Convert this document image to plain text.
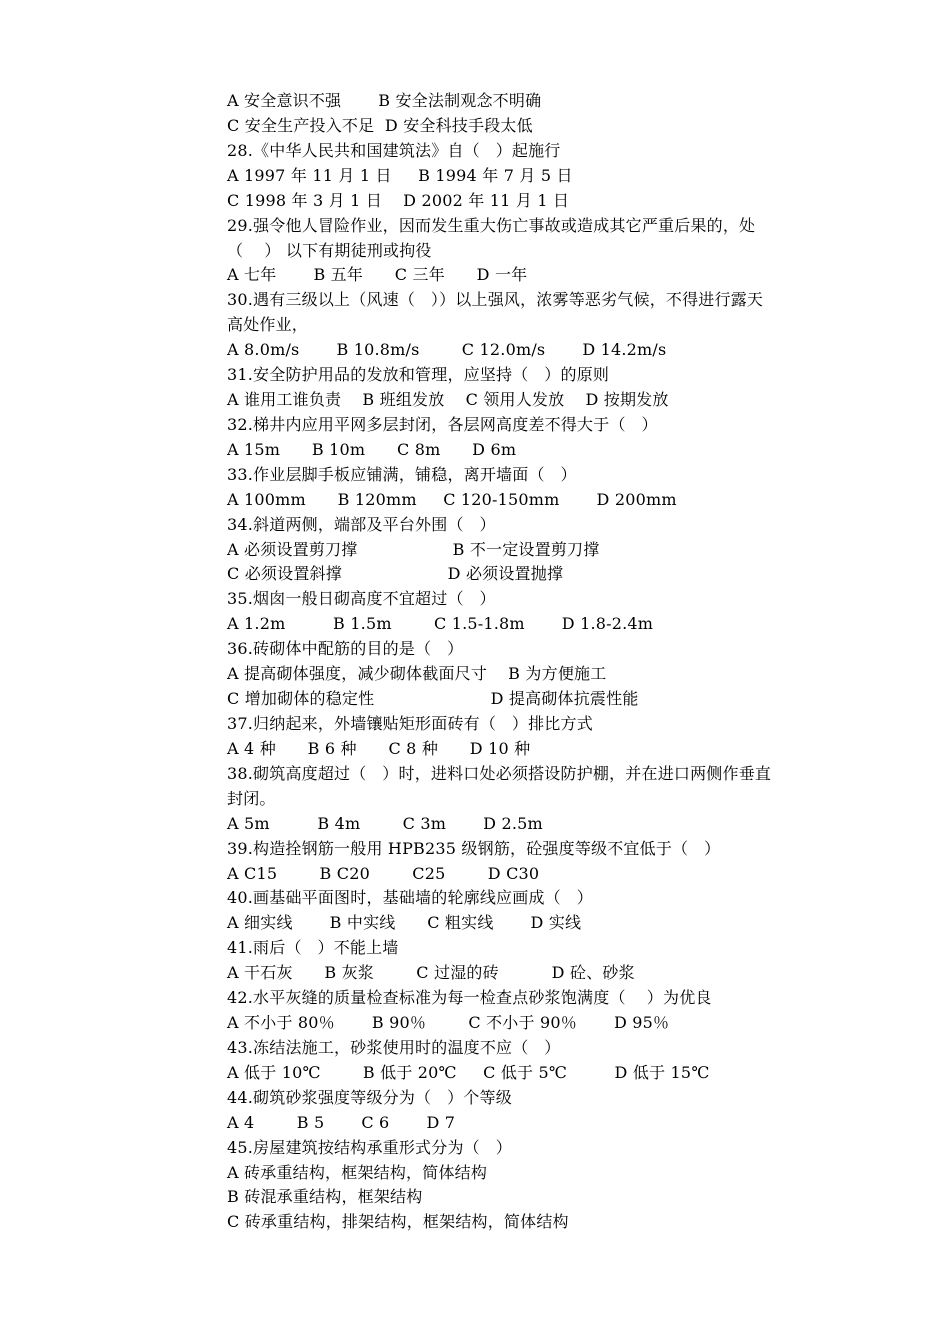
A 安全意识不强       B 安全法制观念不明确
C 安全生产投入不足  D 安全科技手段太低
28.《中华人民共和国建筑法》自（   ）起施行
A 1997 年 11 月 1 日     B 1994 年 7 月 5 日
C 1998 年 3 月 1 日    D 2002 年 11 月 1 日
29.强令他人冒险作业，因而发生重大伤亡事故或造成其它严重后果的，处
（    ） 以下有期徒刑或拘役
A 七年       B 五年      C 三年      D 一年
30.遇有三级以上（风速（   ））以上强风，浓雾等恶劣气候，不得进行露天
高处作业，
A 8.0m/s       B 10.8m/s        C 12.0m/s       D 14.2m/s
31.安全防护用品的发放和管理，应坚持（   ）的原则
A 谁用工谁负责    B 班组发放    C 领用人发放    D 按期发放
32.梯井内应用平网多层封闭，各层网高度差不得大于（   ）
A 15m      B 10m      C 8m      D 6m
33.作业层脚手板应铺满，铺稳，离开墙面（   ）
A 100mm      B 120mm     C 120-150mm       D 200mm
34.斜道两侧，端部及平台外围（   ）
A 必须设置剪刀撑                  B 不一定设置剪刀撑
C 必须设置斜撑                    D 必须设置抛撑
35.烟囱一般日砌高度不宜超过（   ）
A 1.2m         B 1.5m        C 1.5-1.8m       D 1.8-2.4m
36.砖砌体中配筋的目的是（   ）
A 提高砌体强度，减少砌体截面尺寸    B 为方便施工
C 增加砌体的稳定性                      D 提高砌体抗震性能
37.归纳起来，外墙镶贴矩形面砖有（   ）排比方式
A 4 种      B 6 种      C 8 种      D 10 种
38.砌筑高度超过（   ）时，进料口处必须搭设防护棚，并在进口两侧作垂直
封闭。
A 5m         B 4m        C 3m       D 2.5m
39.构造拴钢筋一般用 HPB235 级钢筋，砼强度等级不宜低于（   ）
A C15        B C20        C25        D C30
40.画基础平面图时，基础墙的轮廓线应画成（   ）
A 细实线       B 中实线      C 粗实线       D 实线
41.雨后（   ）不能上墙
A 干石灰      B 灰浆        C 过湿的砖          D 砼、砂浆
42.水平灰缝的质量检查标准为每一检查点砂浆饱满度（    ）为优良
A 不小于 80％       B 90％        C 不小于 90％       D 95％
43.冻结法施工，砂浆使用时的温度不应（   ）
A 低于 10℃        B 低于 20℃     C 低于 5℃         D 低于 15℃
44.砌筑砂浆强度等级分为（   ）个等级
A 4        B 5       C 6       D 7
45.房屋建筑按结构承重形式分为（   ）
A 砖承重结构，框架结构，简体结构
B 砖混承重结构，框架结构
C 砖承重结构，排架结构，框架结构，简体结构
